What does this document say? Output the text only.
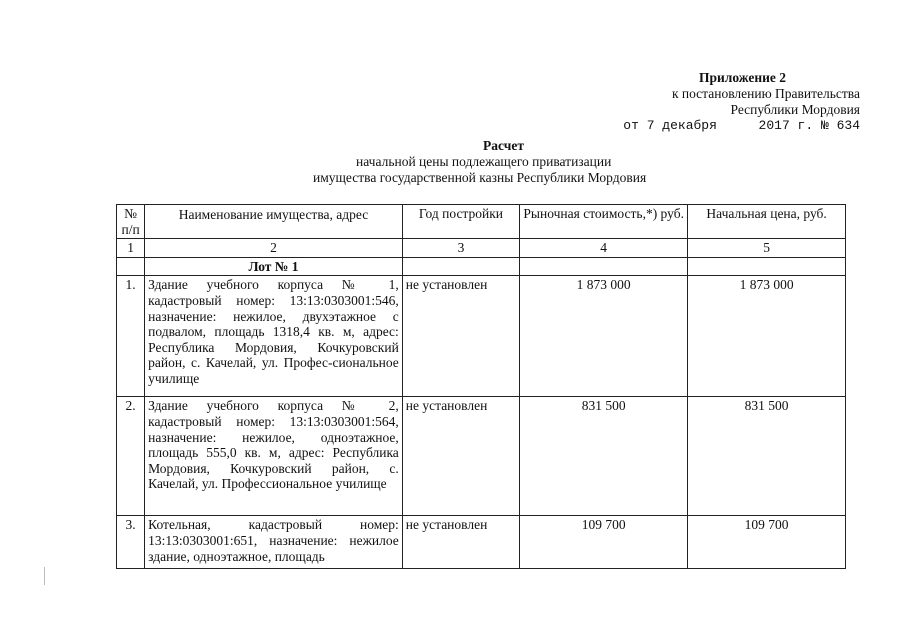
Приложение 2
к постановлению Правительства
Республики Мордовия
от 7 декабря	2017 г. № 634
Расчет
начальной цены подлежащего приватизации
имущества государственной казны Республики Мордовия
№ п/п	Наименование имущества, адрес	Год постройки	Рыночная стоимость,*) руб.	Начальная цена, руб.
1	2	3	4	5
	Лот № 1			
1.	Здание учебного корпуса № 1, кадастровый номер: 13:13:0303001:546, назначение: нежилое, двухэтажное с подвалом, площадь 1318,4 кв. м, адрес: Республика Мордовия, Кочкуровский район, с. Качелай, ул. Профес-сиональное училище	не установлен	1 873 000	1 873 000
2.	Здание учебного корпуса № 2, кадастровый номер: 13:13:0303001:564, назначение: нежилое, одноэтажное, площадь 555,0 кв. м, адрес: Республика Мордовия, Кочкуровский район, с. Качелай, ул. Профессиональное училище	не установлен	831 500	831 500
3.	Котельная, кадастровый номер: 13:13:0303001:651, назначение: нежилое здание, одноэтажное, площадь	не установлен	109 700	109 700
